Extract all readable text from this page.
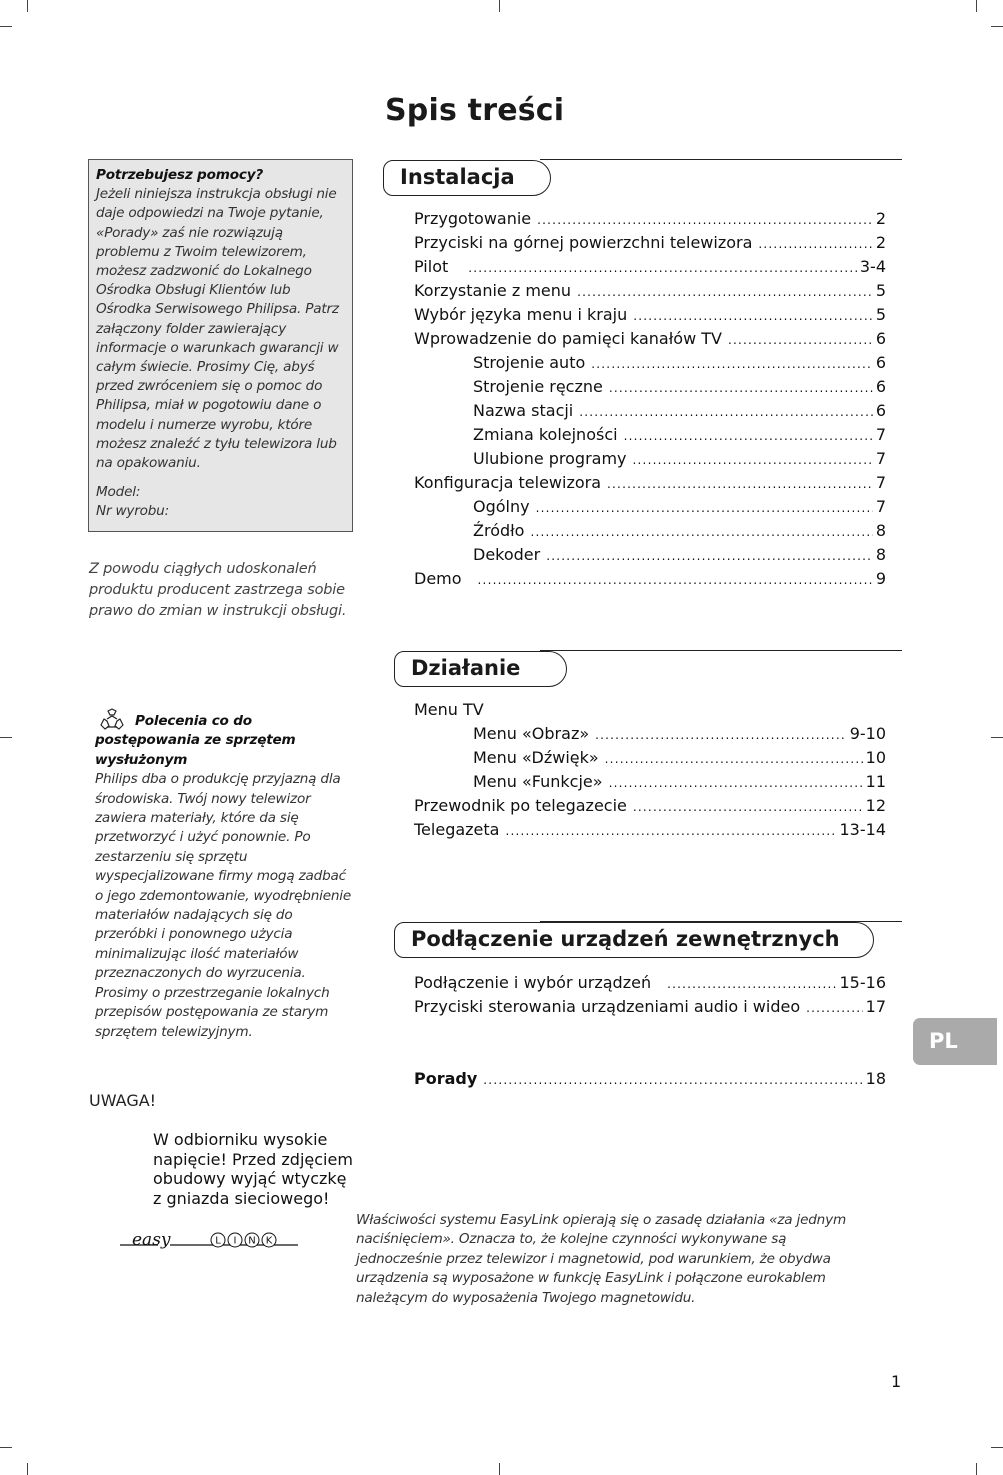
Spis treści
Potrzebujesz pomocy?

Jeżeli niniejsza instrukcja obsługi nie daje odpowiedzi na Twoje pytanie, «Porady» zaś nie rozwiązują problemu z Twoim telewizorem, możesz zadzwonić do Lokalnego Ośrodka Obsługi Klientów lub Ośrodka Serwisowego Philipsa. Patrz załączony folder zawierający informacje o warunkach gwarancji w całym świecie. Prosimy Cię, abyś przed zwróceniem się o pomoc do Philipsa, miał w pogotowiu dane o modelu i numerze wyrobu, które możesz znaleźć z tyłu telewizora lub na opakowaniu.

Model:
Nr wyrobu:
Z powodu ciągłych udoskonaleń produktu producent zastrzega sobie prawo do zmian w instrukcji obsługi.
Polecenia co do postępowania ze sprzętem wysłużonym
Philips dba o produkcję przyjazną dla środowiska. Twój nowy telewizor zawiera materiały, które da się przetworzyć i użyć ponownie. Po zestarzeniu się sprzętu wyspecjalizowane firmy mogą zadbać o jego zdemontowanie, wyodrębnienie materiałów nadających się do przeróbki i ponownego użycia minimalizując ilość materiałów przeznaczonych do wyrzucenia. Prosimy o przestrzeganie lokalnych przepisów postępowania ze starym sprzętem telewizyjnym.
UWAGA!
W odbiorniku wysokie napięcie! Przed zdjęciem obudowy wyjąć wtyczkę z gniazda sieciowego!
easy	L I N K
Właściwości systemu EasyLink opierają się o zasadę działania «za jednym naciśnięciem». Oznacza to, że kolejne czynności wykonywane są jednocześnie przez telewizor i magnetowid, pod warunkiem, że obydwa urządzenia są wyposażone w funkcję EasyLink i połączone eurokablem należącym do wyposażenia Twojego magnetowidu.
Instalacja
Przygotowanie .....	2
Przyciski na górnej powierzchni telewizora .....	2
Pilot .....	3-4
Korzystanie z menu .....	5
Wybór języka menu i kraju .....	5
Wprowadzenie do pamięci kanałów TV .....	6
Strojenie auto .....	6
Strojenie ręczne .....	6
Nazwa stacji .....	6
Zmiana kolejności .....	7
Ulubione programy .....	7
Konfiguracja telewizora .....	7
Ogólny .....	7
Źródło .....	8
Dekoder .....	8
Demo .....	9
Działanie
Menu TV
Menu «Obraz» .....	9-10
Menu «Dźwięk» .....	10
Menu «Funkcje» .....	11
Przewodnik po telegazecie .....	12
Telegazeta .....	13-14
Podłączenie urządzeń zewnętrznych
Podłączenie i wybór urządzeń .....	15-16
Przyciski sterowania urządzeniami audio i wideo .....	17
Porady .....	18
PL
1
